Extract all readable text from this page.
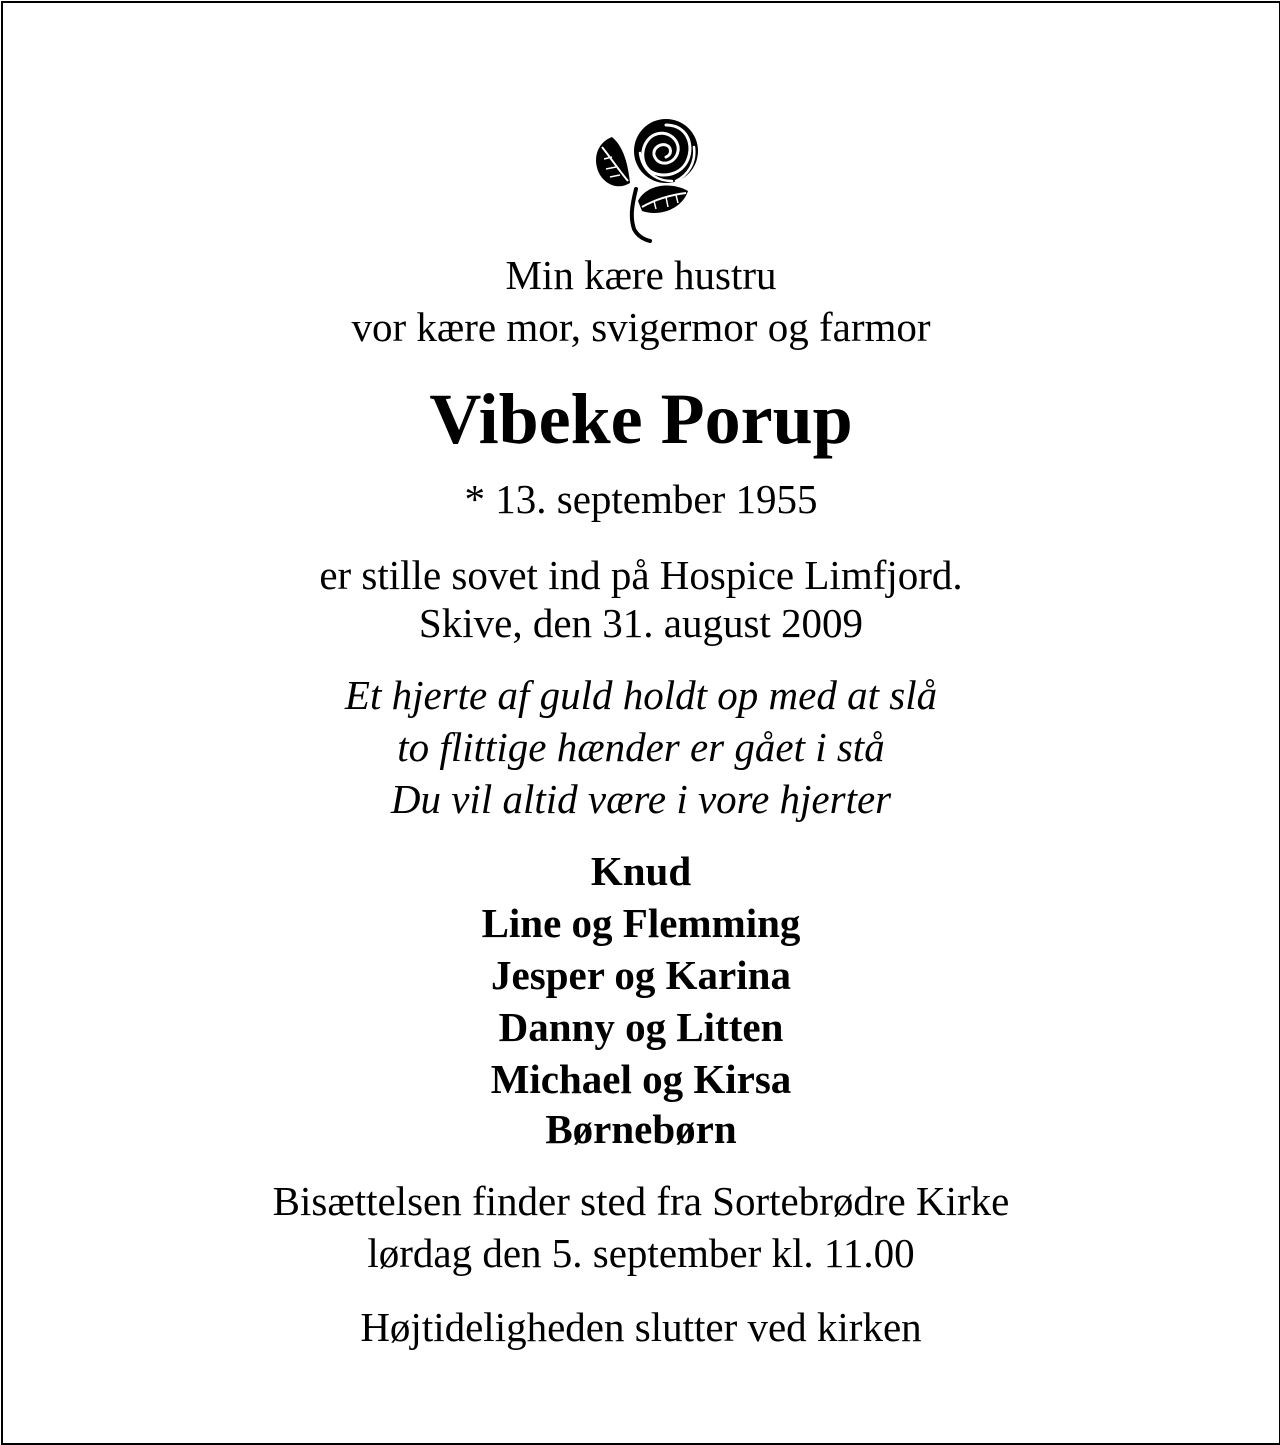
Min kære hustru
vor kære mor, svigermor og farmor
Vibeke Porup
* 13. september 1955
er stille sovet ind på Hospice Limfjord.
Skive, den 31. august 2009
Et hjerte af guld holdt op med at slå
to flittige hænder er gået i stå
Du vil altid være i vore hjerter
Knud
Line og Flemming
Jesper og Karina
Danny og Litten
Michael og Kirsa
Børnebørn
Bisættelsen finder sted fra Sortebrødre Kirke
lørdag den 5. september kl. 11.00
Højtideligheden slutter ved kirken
